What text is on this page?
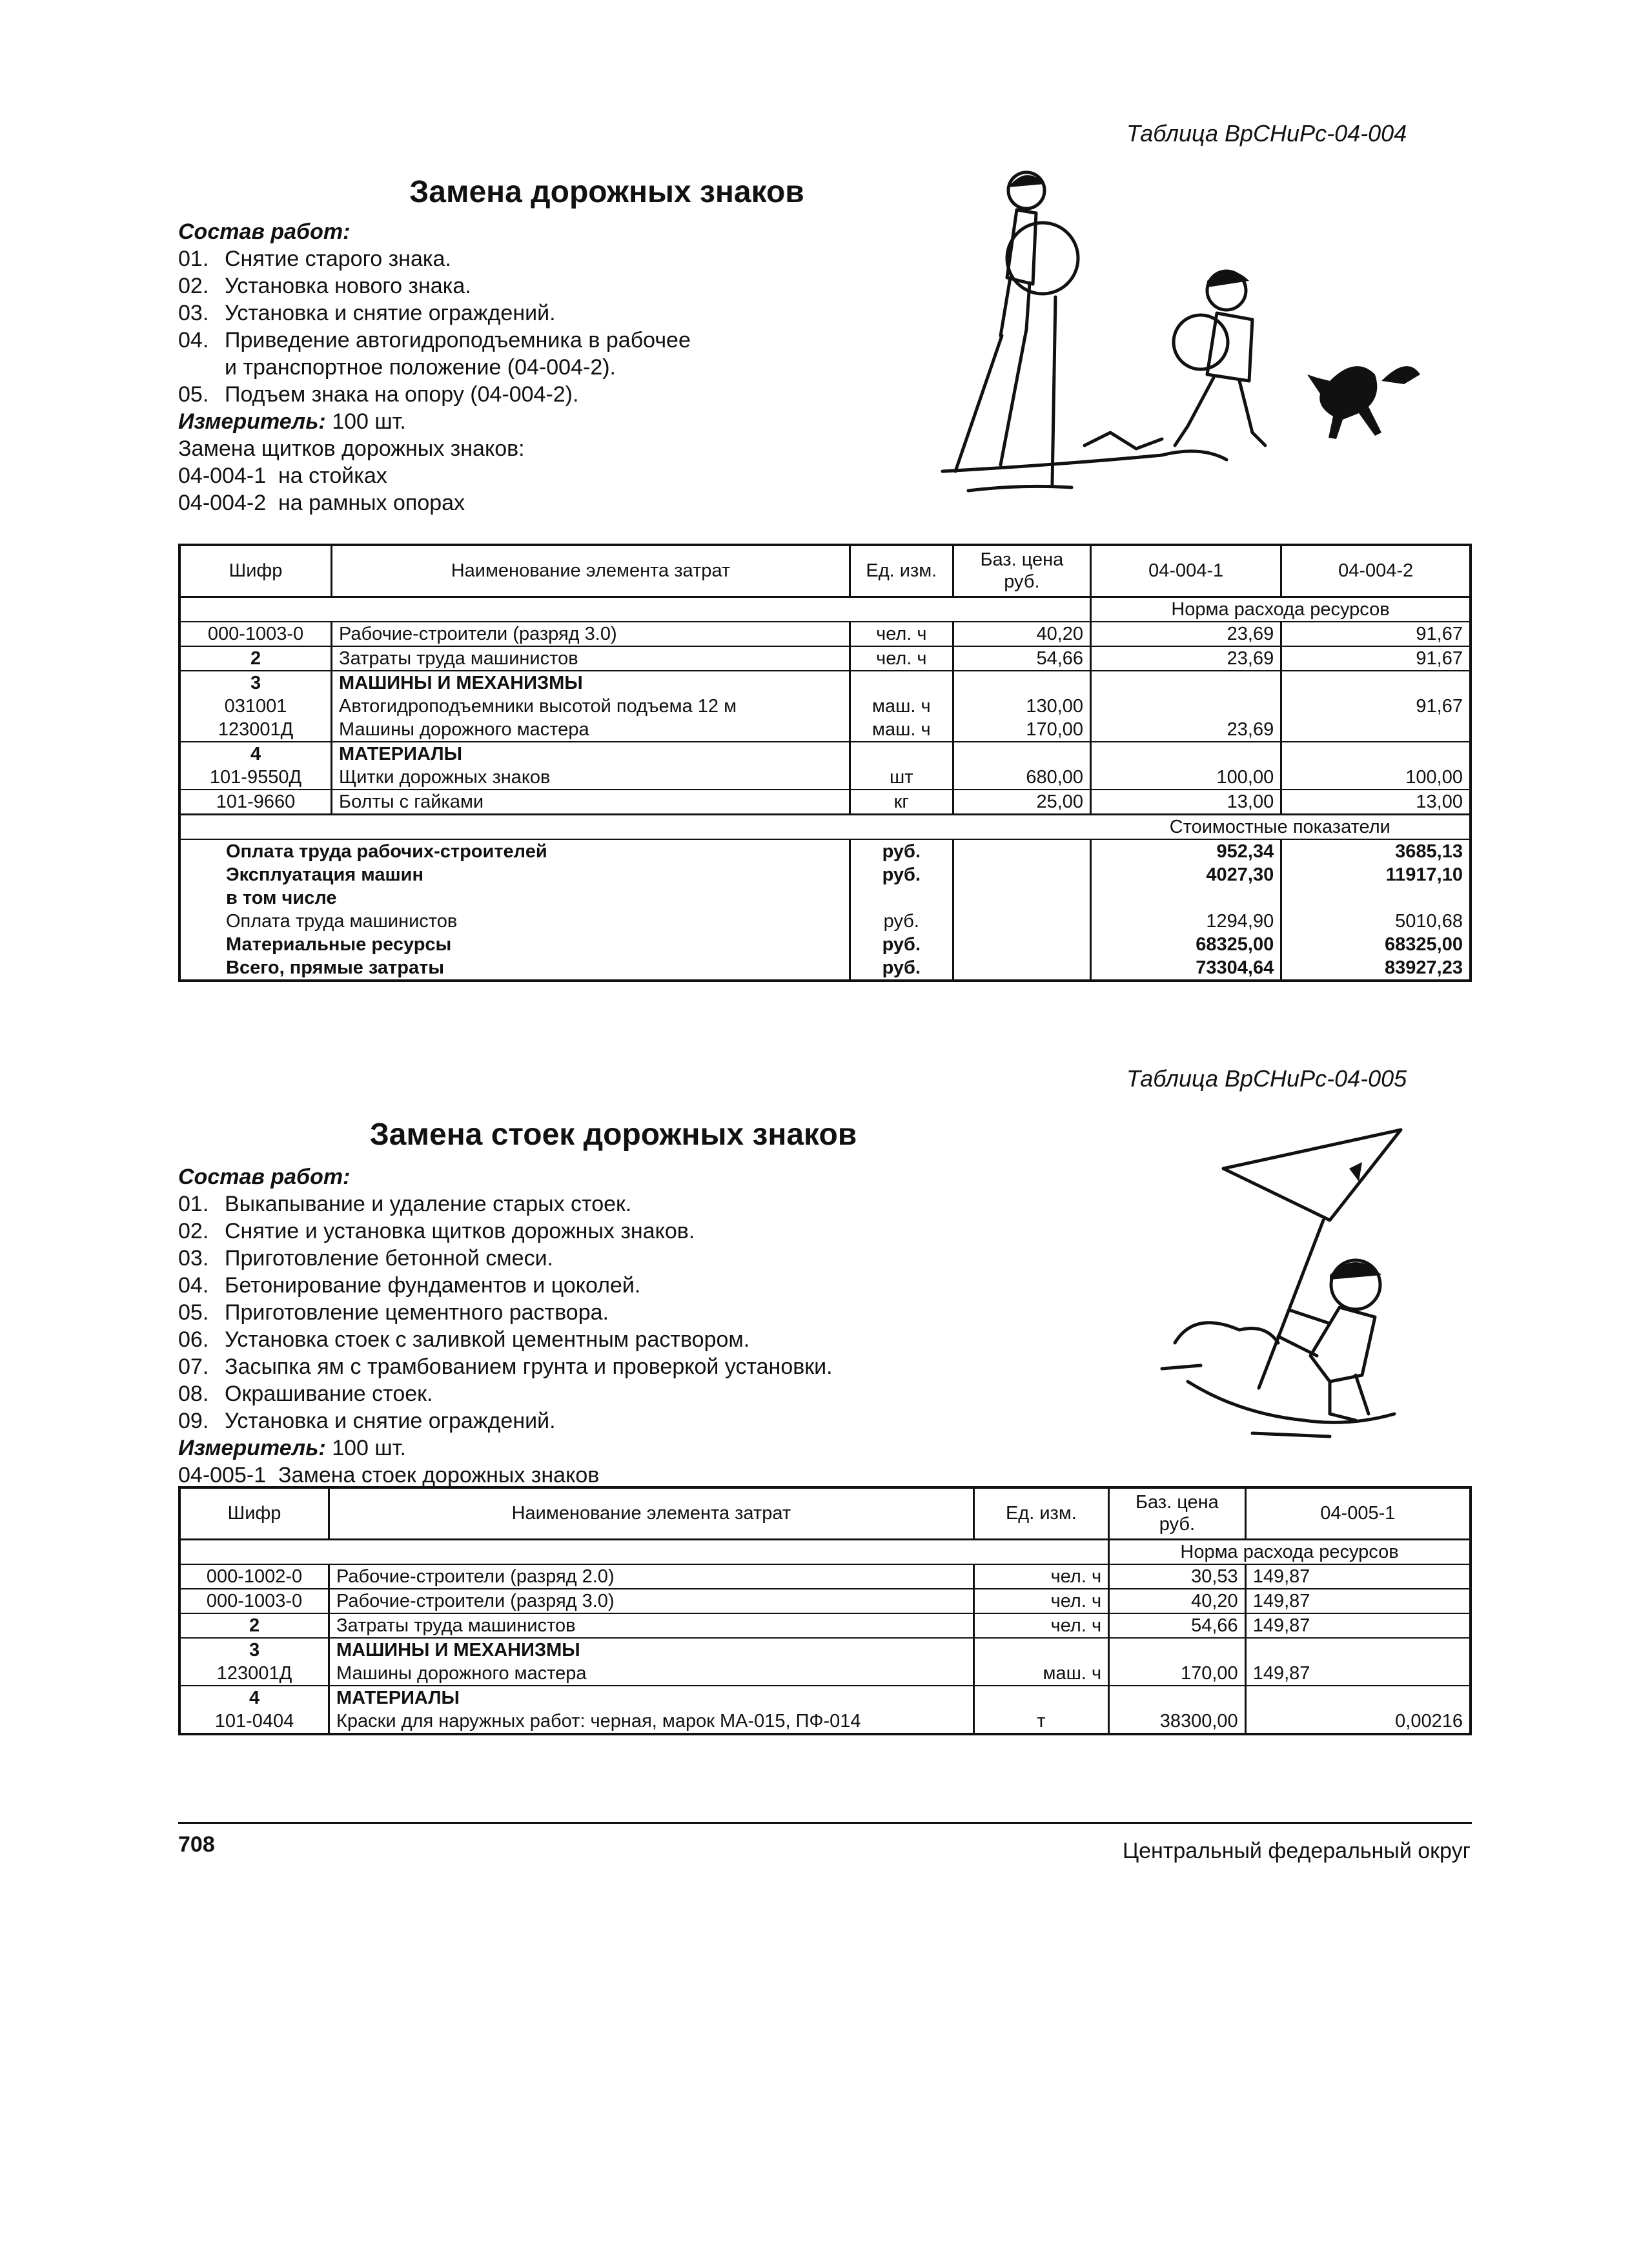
Таблица ВрСНиРс-04-004
Замена дорожных знаков
Состав работ:
01. Снятие старого знака.
02. Установка нового знака.
03. Установка и снятие ограждений.
04. Приведение автогидроподъемника в рабочее
и транспортное положение (04-004-2).
05. Подъем знака на опору (04-004-2).
Измеритель: 100 шт.
Замена щитков дорожных знаков:
04-004-1 на стойках
04-004-2 на рамных опорах
Шифр	Наименование элемента затрат	Ед. изм.	Баз. цена руб.	04-004-1	04-004-2
				Норма расхода ресурсов	
000-1003-0	Рабочие-строители (разряд 3.0)	чел. ч	40,20	23,69	91,67
2	Затраты труда машинистов	чел. ч	54,66	23,69	91,67
3	МАШИНЫ И МЕХАНИЗМЫ				
031001	Автогидроподъемники высотой подъема 12 м	маш. ч	130,00		91,67
123001Д	Машины дорожного мастера	маш. ч	170,00	23,69	
4	МАТЕРИАЛЫ				
101-9550Д	Щитки дорожных знаков	шт	680,00	100,00	100,00
101-9660	Болты с гайками	кг	25,00	13,00	13,00
				Стоимостные показатели	
Оплата труда рабочих-строителей		руб.		952,34	3685,13
Эксплуатация машин		руб.		4027,30	11917,10
в том числе					
Оплата труда машинистов		руб.		1294,90	5010,68
Материальные ресурсы		руб.		68325,00	68325,00
Всего, прямые затраты		руб.		73304,64	83927,23
Таблица ВрСНиРс-04-005
Замена стоек дорожных знаков
Состав работ:
01. Выкапывание и удаление старых стоек.
02. Снятие и установка щитков дорожных знаков.
03. Приготовление бетонной смеси.
04. Бетонирование фундаментов и цоколей.
05. Приготовление цементного раствора.
06. Установка стоек с заливкой цементным раствором.
07. Засыпка ям с трамбованием грунта и проверкой установки.
08. Окрашивание стоек.
09. Установка и снятие ограждений.
Измеритель: 100 шт.
04-005-1 Замена стоек дорожных знаков
Шифр	Наименование элемента затрат	Ед. изм.	Баз. цена руб.	04-005-1
			Норма расхода ресурсов	
000-1002-0	Рабочие-строители (разряд 2.0)	чел. ч	30,53	149,87
000-1003-0	Рабочие-строители (разряд 3.0)	чел. ч	40,20	149,87
2	Затраты труда машинистов	чел. ч	54,66	149,87
3	МАШИНЫ И МЕХАНИЗМЫ			
123001Д	Машины дорожного мастера	маш. ч	170,00	149,87
4	МАТЕРИАЛЫ			
101-0404	Краски для наружных работ: черная, марок МА-015, ПФ-014	т	38300,00	0,00216
708	Центральный федеральный округ
